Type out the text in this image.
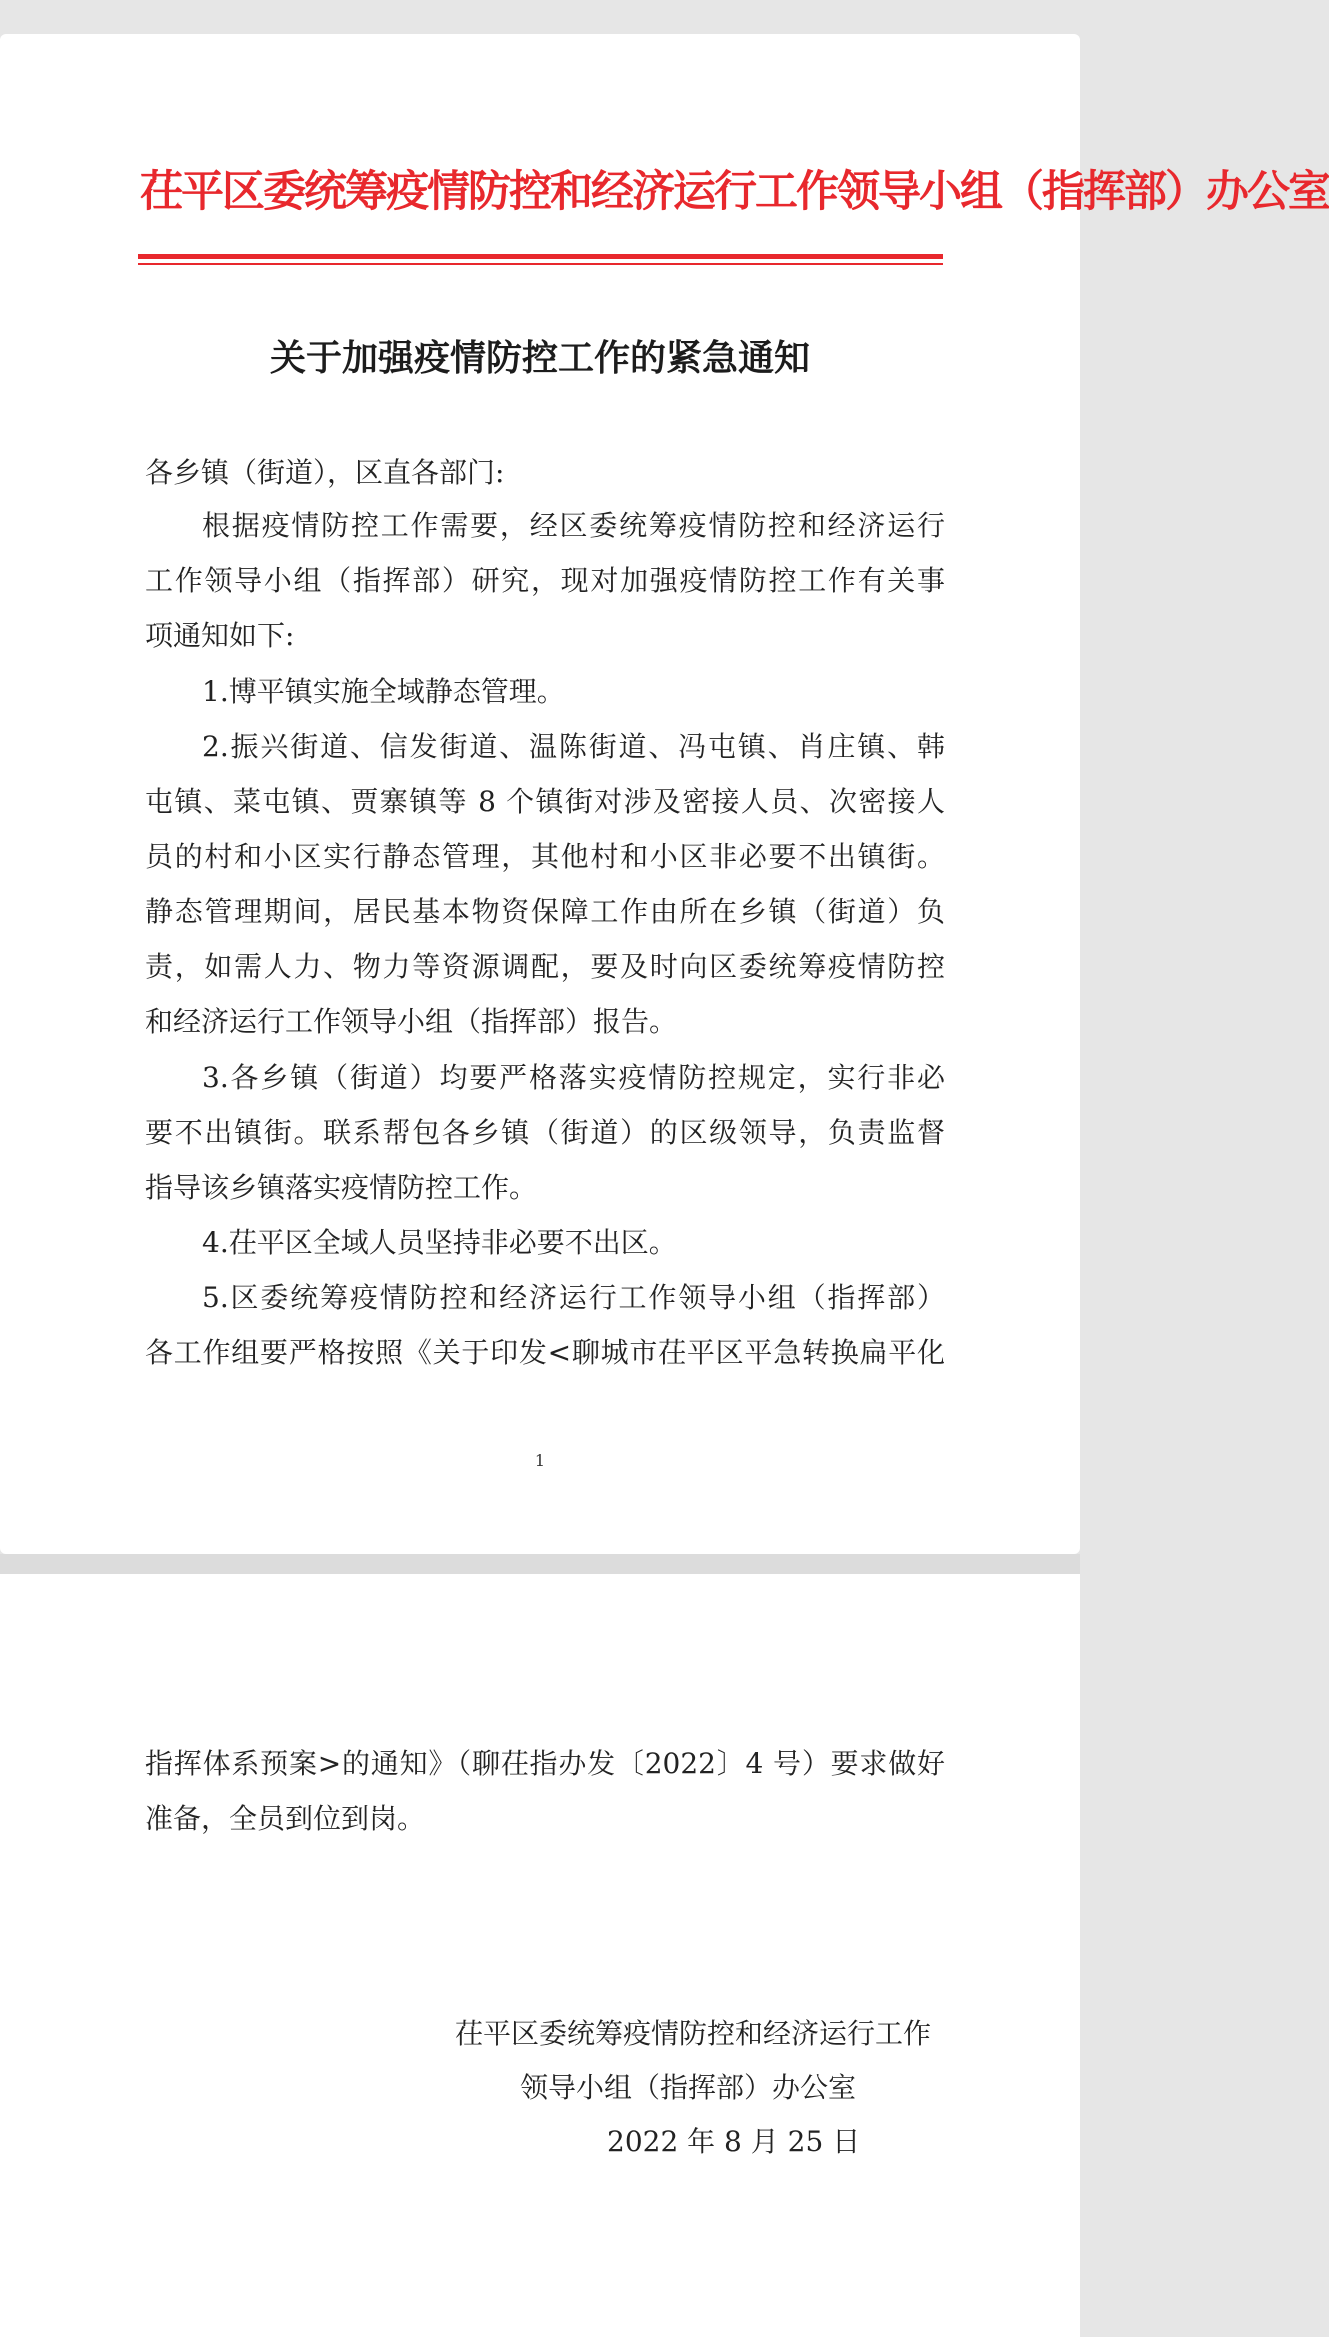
茌平区委统筹疫情防控和经济运行工作领导小组（指挥部）办公室
关于加强疫情防控工作的紧急通知
各乡镇（街道），区直各部门:
根据疫情防控工作需要，经区委统筹疫情防控和经济运行
工作领导小组（指挥部）研究，现对加强疫情防控工作有关事
项通知如下:
1.博平镇实施全域静态管理。
2.振兴街道、信发街道、温陈街道、冯屯镇、肖庄镇、韩
屯镇、菜屯镇、贾寨镇等 8 个镇街对涉及密接人员、次密接人
员的村和小区实行静态管理，其他村和小区非必要不出镇街。
静态管理期间，居民基本物资保障工作由所在乡镇（街道）负
责，如需人力、物力等资源调配，要及时向区委统筹疫情防控
和经济运行工作领导小组（指挥部）报告。
3.各乡镇（街道）均要严格落实疫情防控规定，实行非必
要不出镇街。联系帮包各乡镇（街道）的区级领导，负责监督
指导该乡镇落实疫情防控工作。
4.茌平区全域人员坚持非必要不出区。
5.区委统筹疫情防控和经济运行工作领导小组（指挥部）
各工作组要严格按照《关于印发<聊城市茌平区平急转换扁平化
1
指挥体系预案>的通知》（聊茌指办发〔2022〕4 号）要求做好
准备，全员到位到岗。
茌平区委统筹疫情防控和经济运行工作
领导小组（指挥部）办公室
2022 年 8 月 25 日
